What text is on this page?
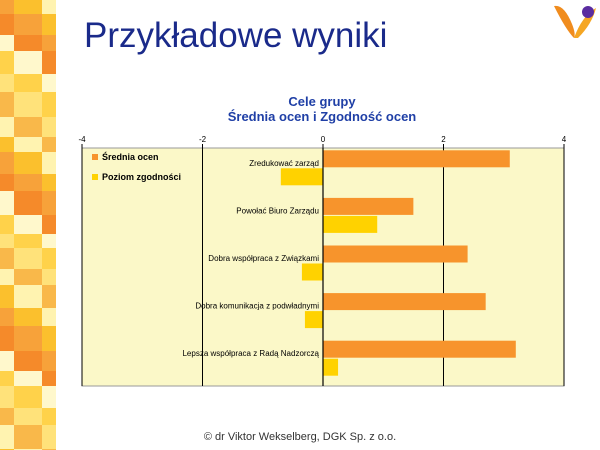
Przykładowe wyniki
Cele grupy
Średnia ocen i Zgodność ocen
-4	-2	0	2	4
Zredukować zarząd
Powołać Biuro Zarządu
Dobra współpraca z Związkami
Dobra komunikacja z podwładnymi
Lepsza współpraca z Radą Nadzorczą
Średnia ocen
Poziom zgodności
© dr Viktor Wekselberg, DGK Sp. z o.o.
